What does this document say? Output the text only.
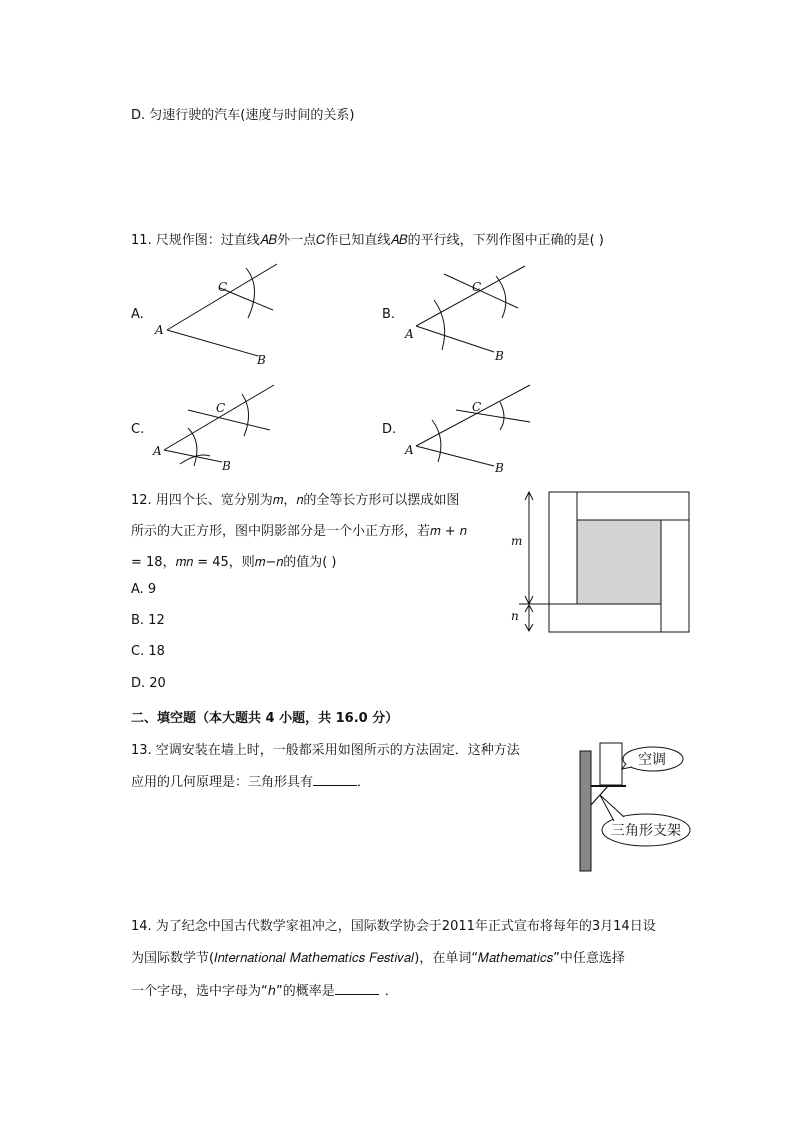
D. 匀速行驶的汽车(速度与时间的关系)
11. 尺规作图：过直线𝐴𝐵外一点𝐶作已知直线𝐴𝐵的平行线，下列作图中正确的是( )
A.	B.
C.	D.
A
B
C
A
B
C
A
B
C
A
B
C
12. 用四个长、宽分别为𝑚，𝑛的全等长方形可以摆成如图
所示的大正方形，图中阴影部分是一个小正方形，若𝑚 + 𝑛
= 18，𝑚𝑛 = 45，则𝑚−𝑛的值为( )
A. 9
B. 12
C. 18
D. 20
m
n
二、填空题（本大题共 4 小题，共 16.0 分）
13. 空调安装在墙上时，一般都采用如图所示的方法固定．这种方法
应用的几何原理是：三角形具有	．
空调
三角形支架
14. 为了纪念中国古代数学家祖冲之，国际数学协会于2011年正式宣布将每年的3月14日设
为国际数学节(𝐼𝑛𝑡𝑒𝑟𝑛𝑎𝑡𝑖𝑜𝑛𝑎𝑙 𝑀𝑎𝑡ℎ𝑒𝑚𝑎𝑡𝑖𝑐𝑠 𝐹𝑒𝑠𝑡𝑖𝑣𝑎𝑙)，在单词“𝑀𝑎𝑡ℎ𝑒𝑚𝑎𝑡𝑖𝑐𝑠”中任意选择
一个字母，选中字母为“ℎ”的概率是	．
